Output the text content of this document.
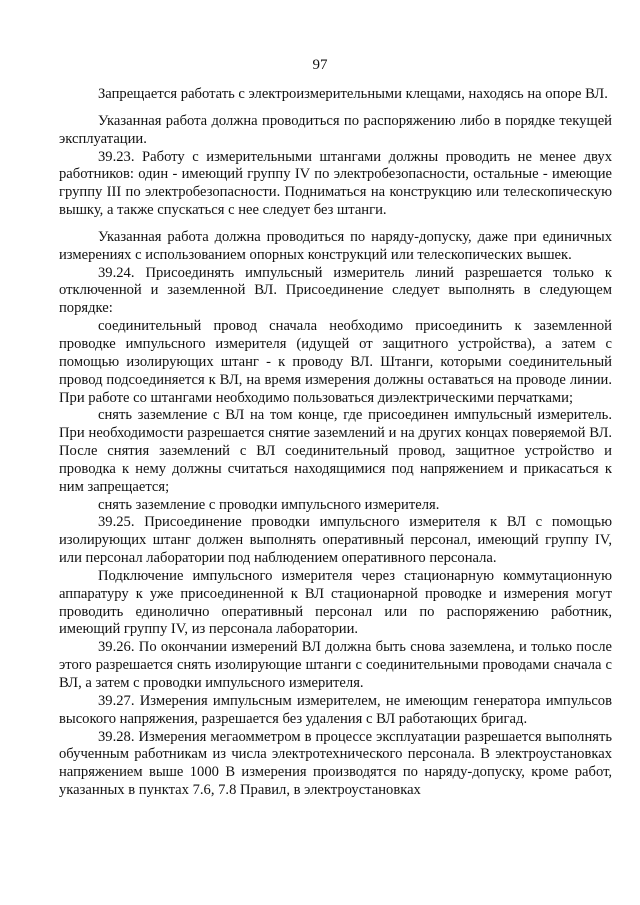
97

Запрещается работать с электроизмерительными клещами, находясь на опоре ВЛ.

Указанная работа должна проводиться по распоряжению либо в порядке текущей эксплуатации.

39.23. Работу с измерительными штангами должны проводить не менее двух работников: один - имеющий группу IV по электробезопасности, остальные - имеющие группу III по электробезопасности. Подниматься на конструкцию или телескопическую вышку, а также спускаться с нее следует без штанги.

Указанная работа должна проводиться по наряду-допуску, даже при единичных измерениях с использованием опорных конструкций или телескопических вышек.

39.24. Присоединять импульсный измеритель линий разрешается только к отключенной и заземленной ВЛ. Присоединение следует выполнять в следующем порядке:

соединительный провод сначала необходимо присоединить к заземленной проводке импульсного измерителя (идущей от защитного устройства), а затем с помощью изолирующих штанг - к проводу ВЛ. Штанги, которыми соединительный провод подсоединяется к ВЛ, на время измерения должны оставаться на проводе линии. При работе со штангами необходимо пользоваться диэлектрическими перчатками;

снять заземление с ВЛ на том конце, где присоединен импульсный измеритель. При необходимости разрешается снятие заземлений и на других концах поверяемой ВЛ. После снятия заземлений с ВЛ соединительный провод, защитное устройство и проводка к нему должны считаться находящимися под напряжением и прикасаться к ним запрещается;

снять заземление с проводки импульсного измерителя.

39.25. Присоединение проводки импульсного измерителя к ВЛ с помощью изолирующих штанг должен выполнять оперативный персонал, имеющий группу IV, или персонал лаборатории под наблюдением оперативного персонала.

Подключение импульсного измерителя через стационарную коммутационную аппаратуру к уже присоединенной к ВЛ стационарной проводке и измерения могут проводить единолично оперативный персонал или по распоряжению работник, имеющий группу IV, из персонала лаборатории.

39.26. По окончании измерений ВЛ должна быть снова заземлена, и только после этого разрешается снять изолирующие штанги с соединительными проводами сначала с ВЛ, а затем с проводки импульсного измерителя.

39.27. Измерения импульсным измерителем, не имеющим генератора импульсов высокого напряжения, разрешается без удаления с ВЛ работающих бригад.

39.28. Измерения мегаомметром в процессе эксплуатации разрешается выполнять обученным работникам из числа электротехнического персонала. В электроустановках напряжением выше 1000 В измерения производятся по наряду-допуску, кроме работ, указанных в пунктах 7.6, 7.8 Правил, в электроустановках
